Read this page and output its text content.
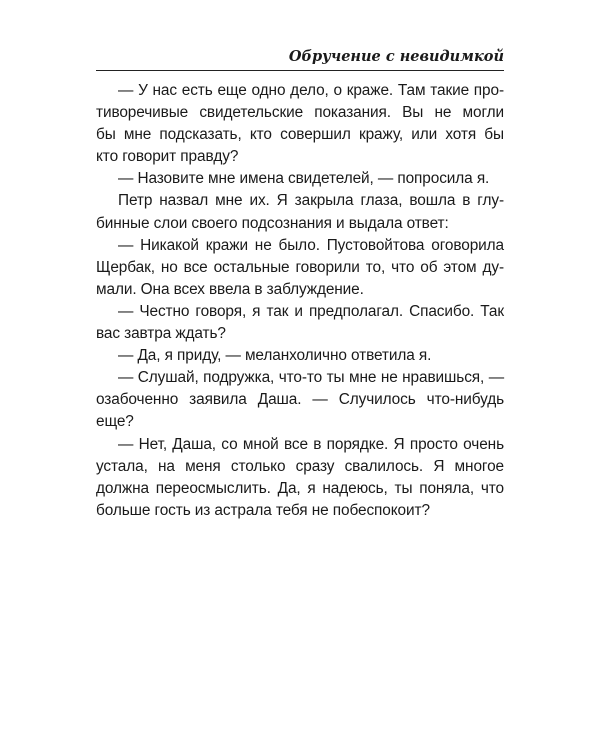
Обручение с невидимкой
— У нас есть еще одно дело, о краже. Там такие про-
тиворечивые свидетельские показания. Вы не могли
бы мне подсказать, кто совершил кражу, или хотя бы
кто говорит правду?
— Назовите мне имена свидетелей, — попросила я.
Петр назвал мне их. Я закрыла глаза, вошла в глу-
бинные слои своего подсознания и выдала ответ:
— Никакой кражи не было. Пустовойтова оговорила
Щербак, но все остальные говорили то, что об этом ду-
мали. Она всех ввела в заблуждение.
— Честно говоря, я так и предполагал. Спасибо. Так
вас завтра ждать?
— Да, я приду, — меланхолично ответила я.
— Слушай, подружка, что-то ты мне не нравишься, —
озабоченно заявила Даша. — Случилось что-нибудь
еще?
— Нет, Даша, со мной все в порядке. Я просто очень
устала, на меня столько сразу свалилось. Я многое
должна переосмыслить. Да, я надеюсь, ты поняла, что
больше гость из астрала тебя не побеспокоит?
